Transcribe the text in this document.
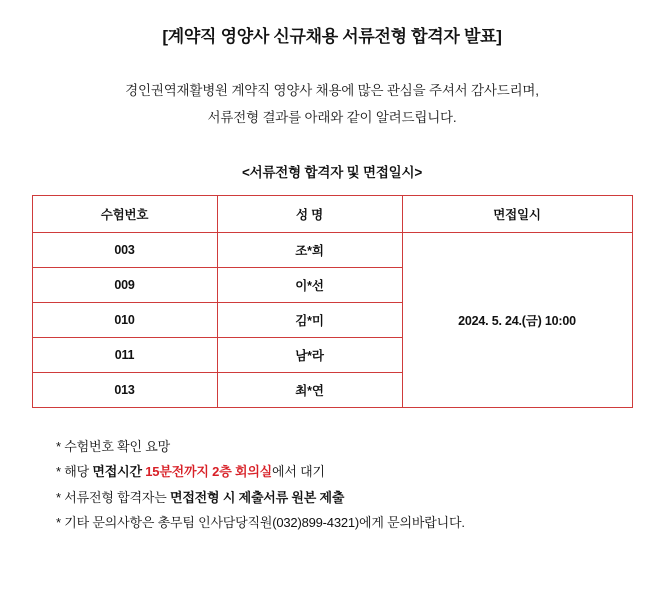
[계약직 영양사 신규채용 서류전형 합격자 발표]
경인권역재활병원 계약직 영양사 채용에 많은 관심을 주셔서 감사드리며,
서류전형 결과를 아래와 같이 알려드립니다.
<서류전형 합격자 및 면접일시>
수험번호	성 명	면접일시
003	조*희	2024. 5. 24.(금) 10:00
009	이*선	
010	김*미	
011	남*라	
013	최*연	
* 수험번호 확인 요망
* 해당 면접시간 15분전까지 2층 회의실에서 대기
* 서류전형 합격자는 면접전형 시 제출서류 원본 제출
* 기타 문의사항은 총무팀 인사담당직원(032)899-4321)에게 문의바랍니다.
